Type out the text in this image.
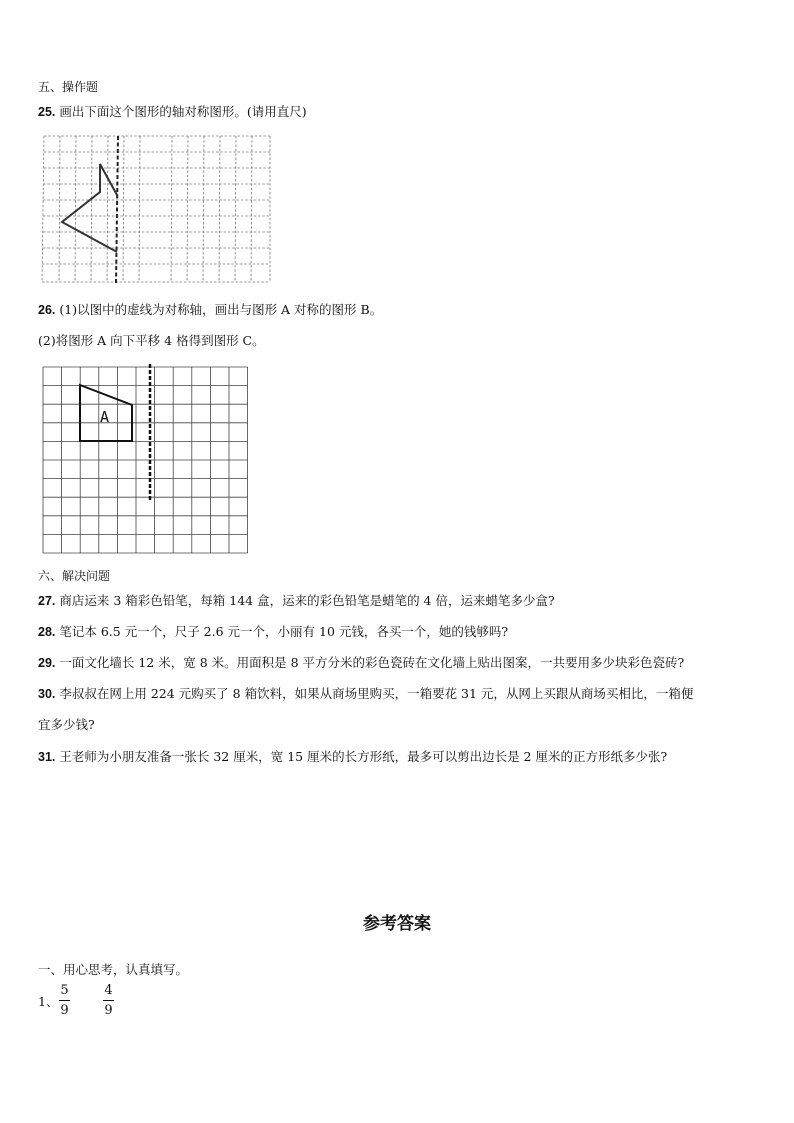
五、操作题
25. 画出下面这个图形的轴对称图形。(请用直尺)
26. (1)以图中的虚线为对称轴，画出与图形 A 对称的图形 B。
(2)将图形 A 向下平移 4 格得到图形 C。
A
六、解决问题
27. 商店运来 3 箱彩色铅笔，每箱 144 盒，运来的彩色铅笔是蜡笔的 4 倍，运来蜡笔多少盒?
28. 笔记本 6.5 元一个，尺子 2.6 元一个，小丽有 10 元钱，各买一个，她的钱够吗?
29. 一面文化墙长 12 米，宽 8 米。用面积是 8 平方分米的彩色瓷砖在文化墙上贴出图案，一共要用多少块彩色瓷砖?
30. 李叔叔在网上用 224 元购买了 8 箱饮料，如果从商场里购买，一箱要花 31 元，从网上买跟从商场买相比，一箱便
宜多少钱?
31. 王老师为小朋友准备一张长 32 厘米，宽 15 厘米的长方形纸，最多可以剪出边长是 2 厘米的正方形纸多少张?
参考答案
一、用心思考，认真填写。
1、
5
9
4
9
